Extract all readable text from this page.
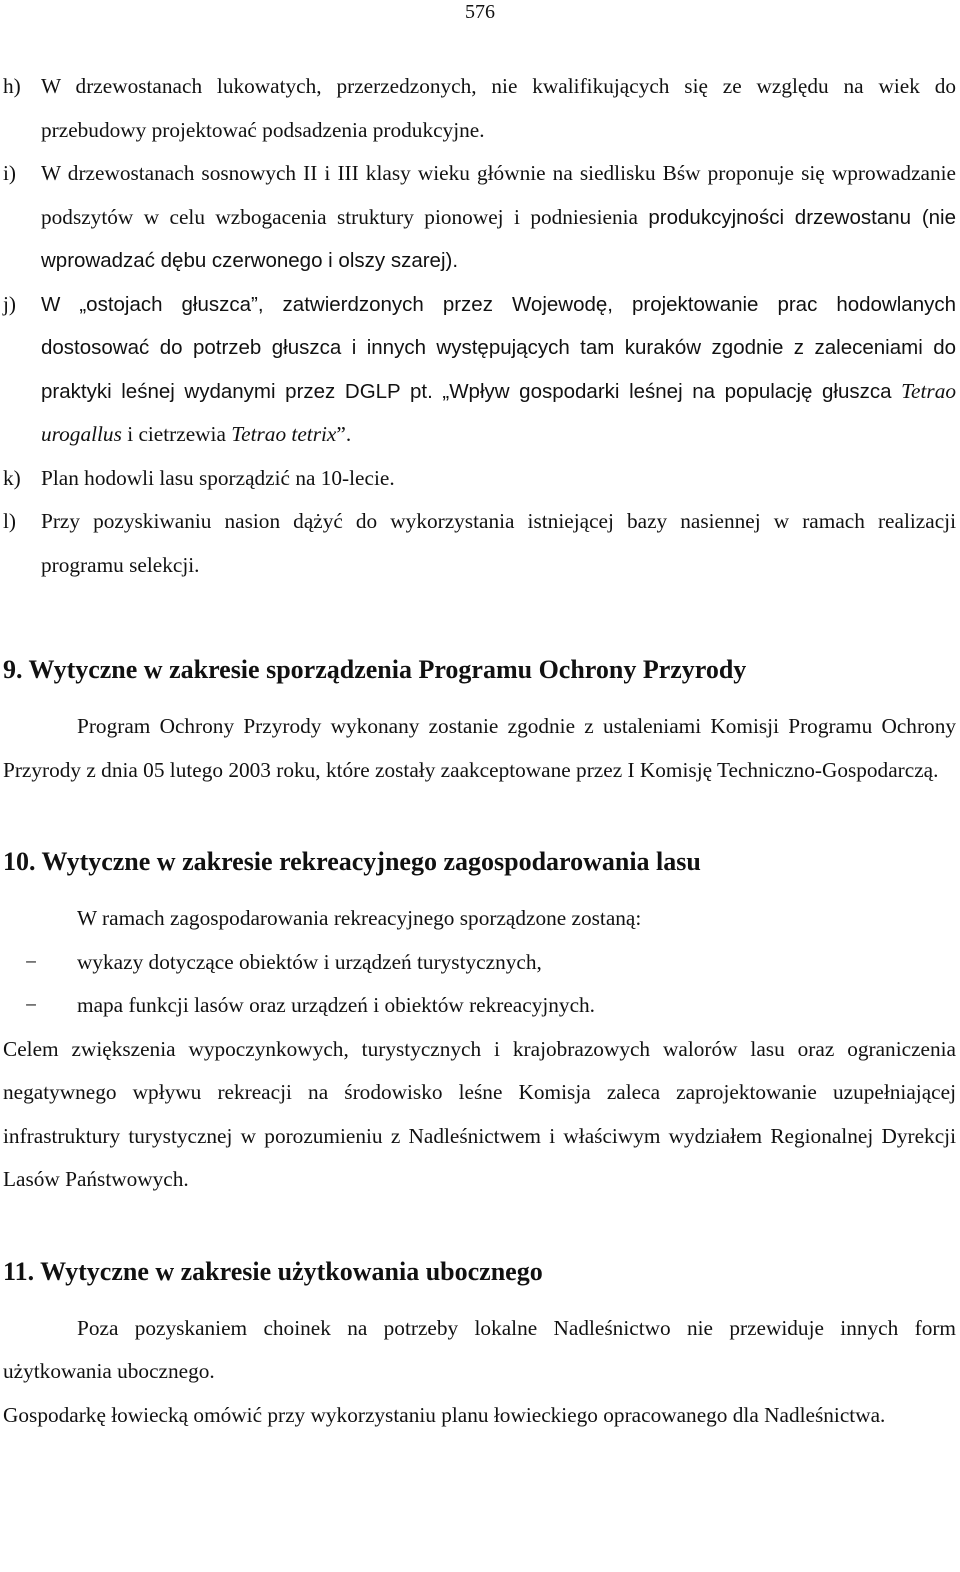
576
h) W drzewostanach lukowatych, przerzedzonych, nie kwalifikujących się ze względu na wiek do przebudowy projektować podsadzenia produkcyjne.
i)	W drzewostanach sosnowych II i III klasy wieku głównie na siedlisku Bśw proponuje się wprowadzanie podszytów w celu wzbogacenia struktury pionowej i podniesienia produkcyjności drzewostanu (nie wprowadzać dębu czerwonego i olszy szarej).
j)	W „ostojach głuszca”, zatwierdzonych przez Wojewodę, projektowanie prac hodowlanych dostosować do potrzeb głuszca i innych występujących tam kuraków zgodnie z zaleceniami do praktyki leśnej wydanymi przez DGLP pt. „Wpływ gospodarki leśnej na populację głuszca Tetrao urogallus i cietrzewia Tetrao tetrix”.
k) Plan hodowli lasu sporządzić na 10-lecie.
l)	Przy pozyskiwaniu nasion dążyć do wykorzystania istniejącej bazy nasiennej w ramach realizacji programu selekcji.
9. Wytyczne w zakresie sporządzenia Programu Ochrony Przyrody

Program Ochrony Przyrody wykonany zostanie zgodnie z ustaleniami Komisji Programu Ochrony Przyrody z dnia 05 lutego 2003 roku, które zostały zaakceptowane przez I Komisję Techniczno-Gospodarczą.

10. Wytyczne w zakresie rekreacyjnego zagospodarowania lasu

W ramach zagospodarowania rekreacyjnego sporządzone zostaną:

−	wykazy dotyczące obiektów i urządzeń turystycznych,
−	mapa funkcji lasów oraz urządzeń i obiektów rekreacyjnych.

Celem zwiększenia wypoczynkowych, turystycznych i krajobrazowych walorów lasu oraz ograniczenia negatywnego wpływu rekreacji na środowisko leśne Komisja zaleca zaprojektowanie uzupełniającej infrastruktury turystycznej w porozumieniu z Nadleśnictwem i właściwym wydziałem Regionalnej Dyrekcji Lasów Państwowych.

11. Wytyczne w zakresie użytkowania ubocznego

Poza pozyskaniem choinek na potrzeby lokalne Nadleśnictwo nie przewiduje innych form użytkowania ubocznego.

Gospodarkę łowiecką omówić przy wykorzystaniu planu łowieckiego opracowanego dla Nadleśnictwa.
